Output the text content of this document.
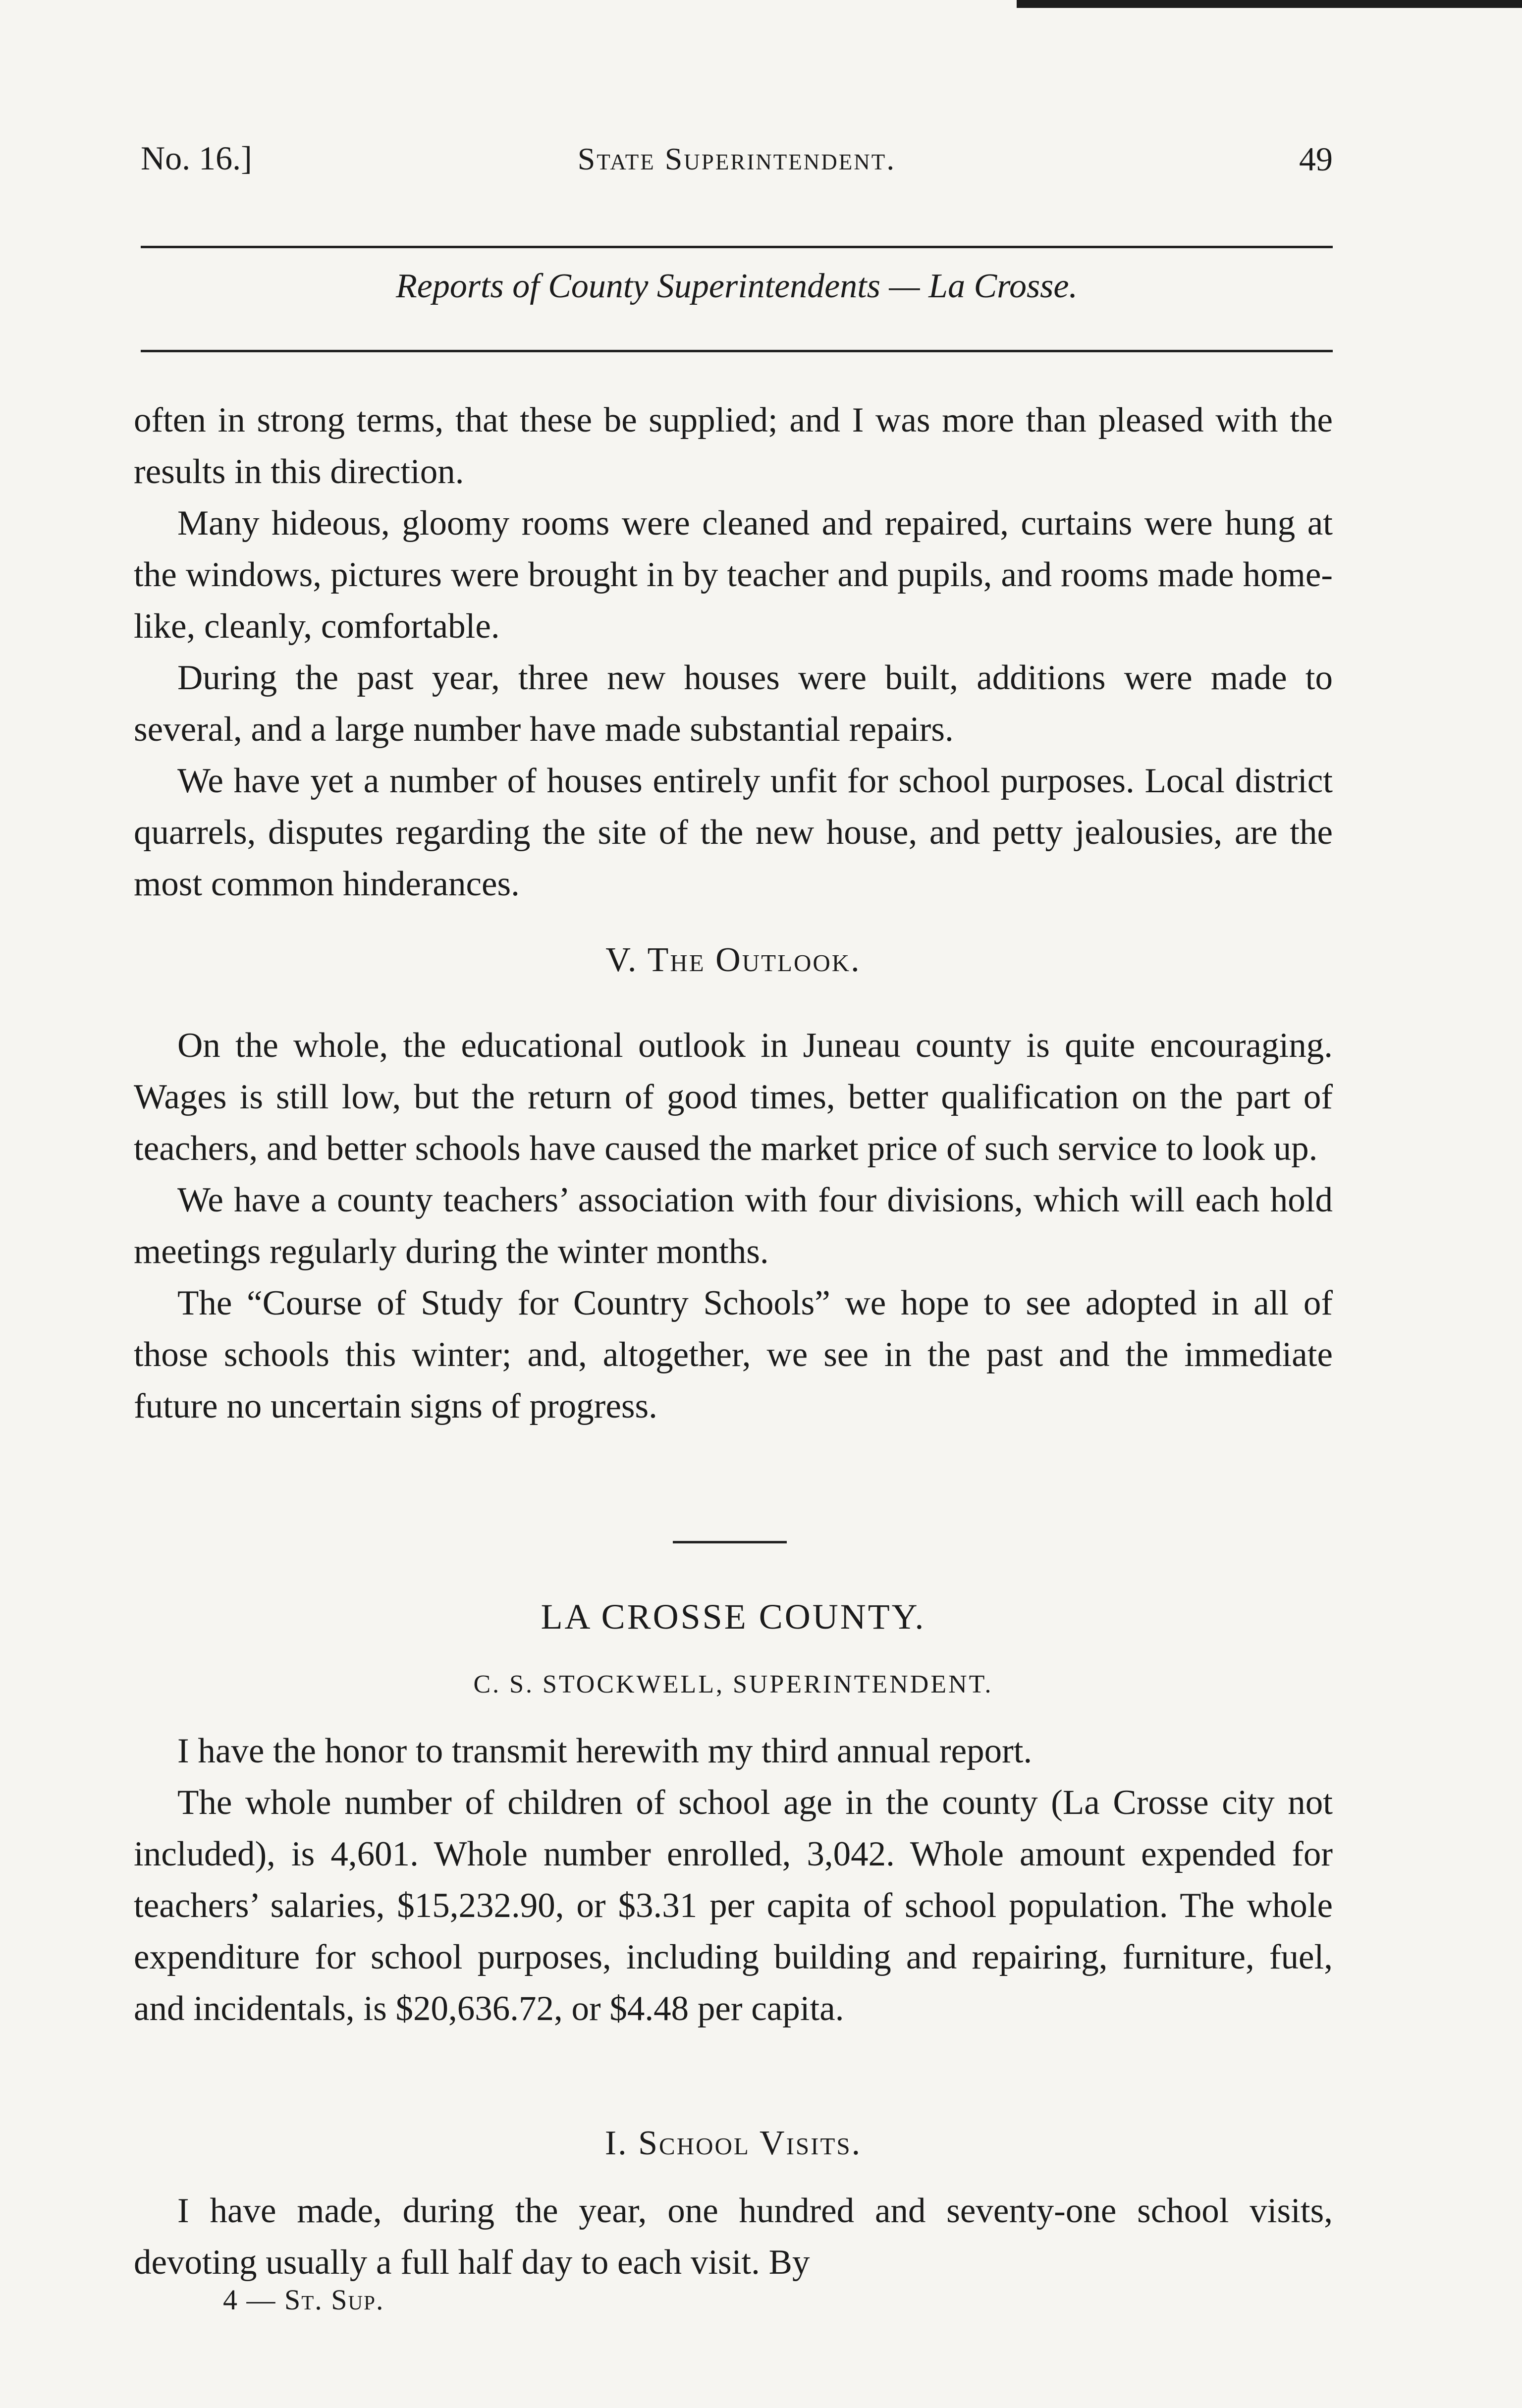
No. 16.]	State Superintendent.	49
Reports of County Superintendents — La Crosse.

often in strong terms, that these be supplied; and I was more than pleased with the results in this direction.

Many hideous, gloomy rooms were cleaned and repaired, curtains were hung at the windows, pictures were brought in by teacher and pupils, and rooms made home-like, cleanly, comfortable.

During the past year, three new houses were built, additions were made to several, and a large number have made substantial repairs.

We have yet a number of houses entirely unfit for school purposes. Local district quarrels, disputes regarding the site of the new house, and petty jealousies, are the most common hinderances.

V. The Outlook.

On the whole, the educational outlook in Juneau county is quite encouraging. Wages is still low, but the return of good times, better qualification on the part of teachers, and better schools have caused the market price of such service to look up.

We have a county teachers’ association with four divisions, which will each hold meetings regularly during the winter months.

The “Course of Study for Country Schools” we hope to see adopted in all of those schools this winter; and, altogether, we see in the past and the immediate future no uncertain signs of progress.

LA CROSSE COUNTY.
C. S. STOCKWELL, SUPERINTENDENT.

I have the honor to transmit herewith my third annual report.

The whole number of children of school age in the county (La Crosse city not included), is 4,601. Whole number enrolled, 3,042. Whole amount expended for teachers’ salaries, $15,232.90, or $3.31 per capita of school population. The whole expenditure for school purposes, including building and repairing, furniture, fuel, and incidentals, is $20,636.72, or $4.48 per capita.

I. School Visits.

I have made, during the year, one hundred and seventy-one school visits, devoting usually a full half day to each visit. By

4 — St. Sup.
